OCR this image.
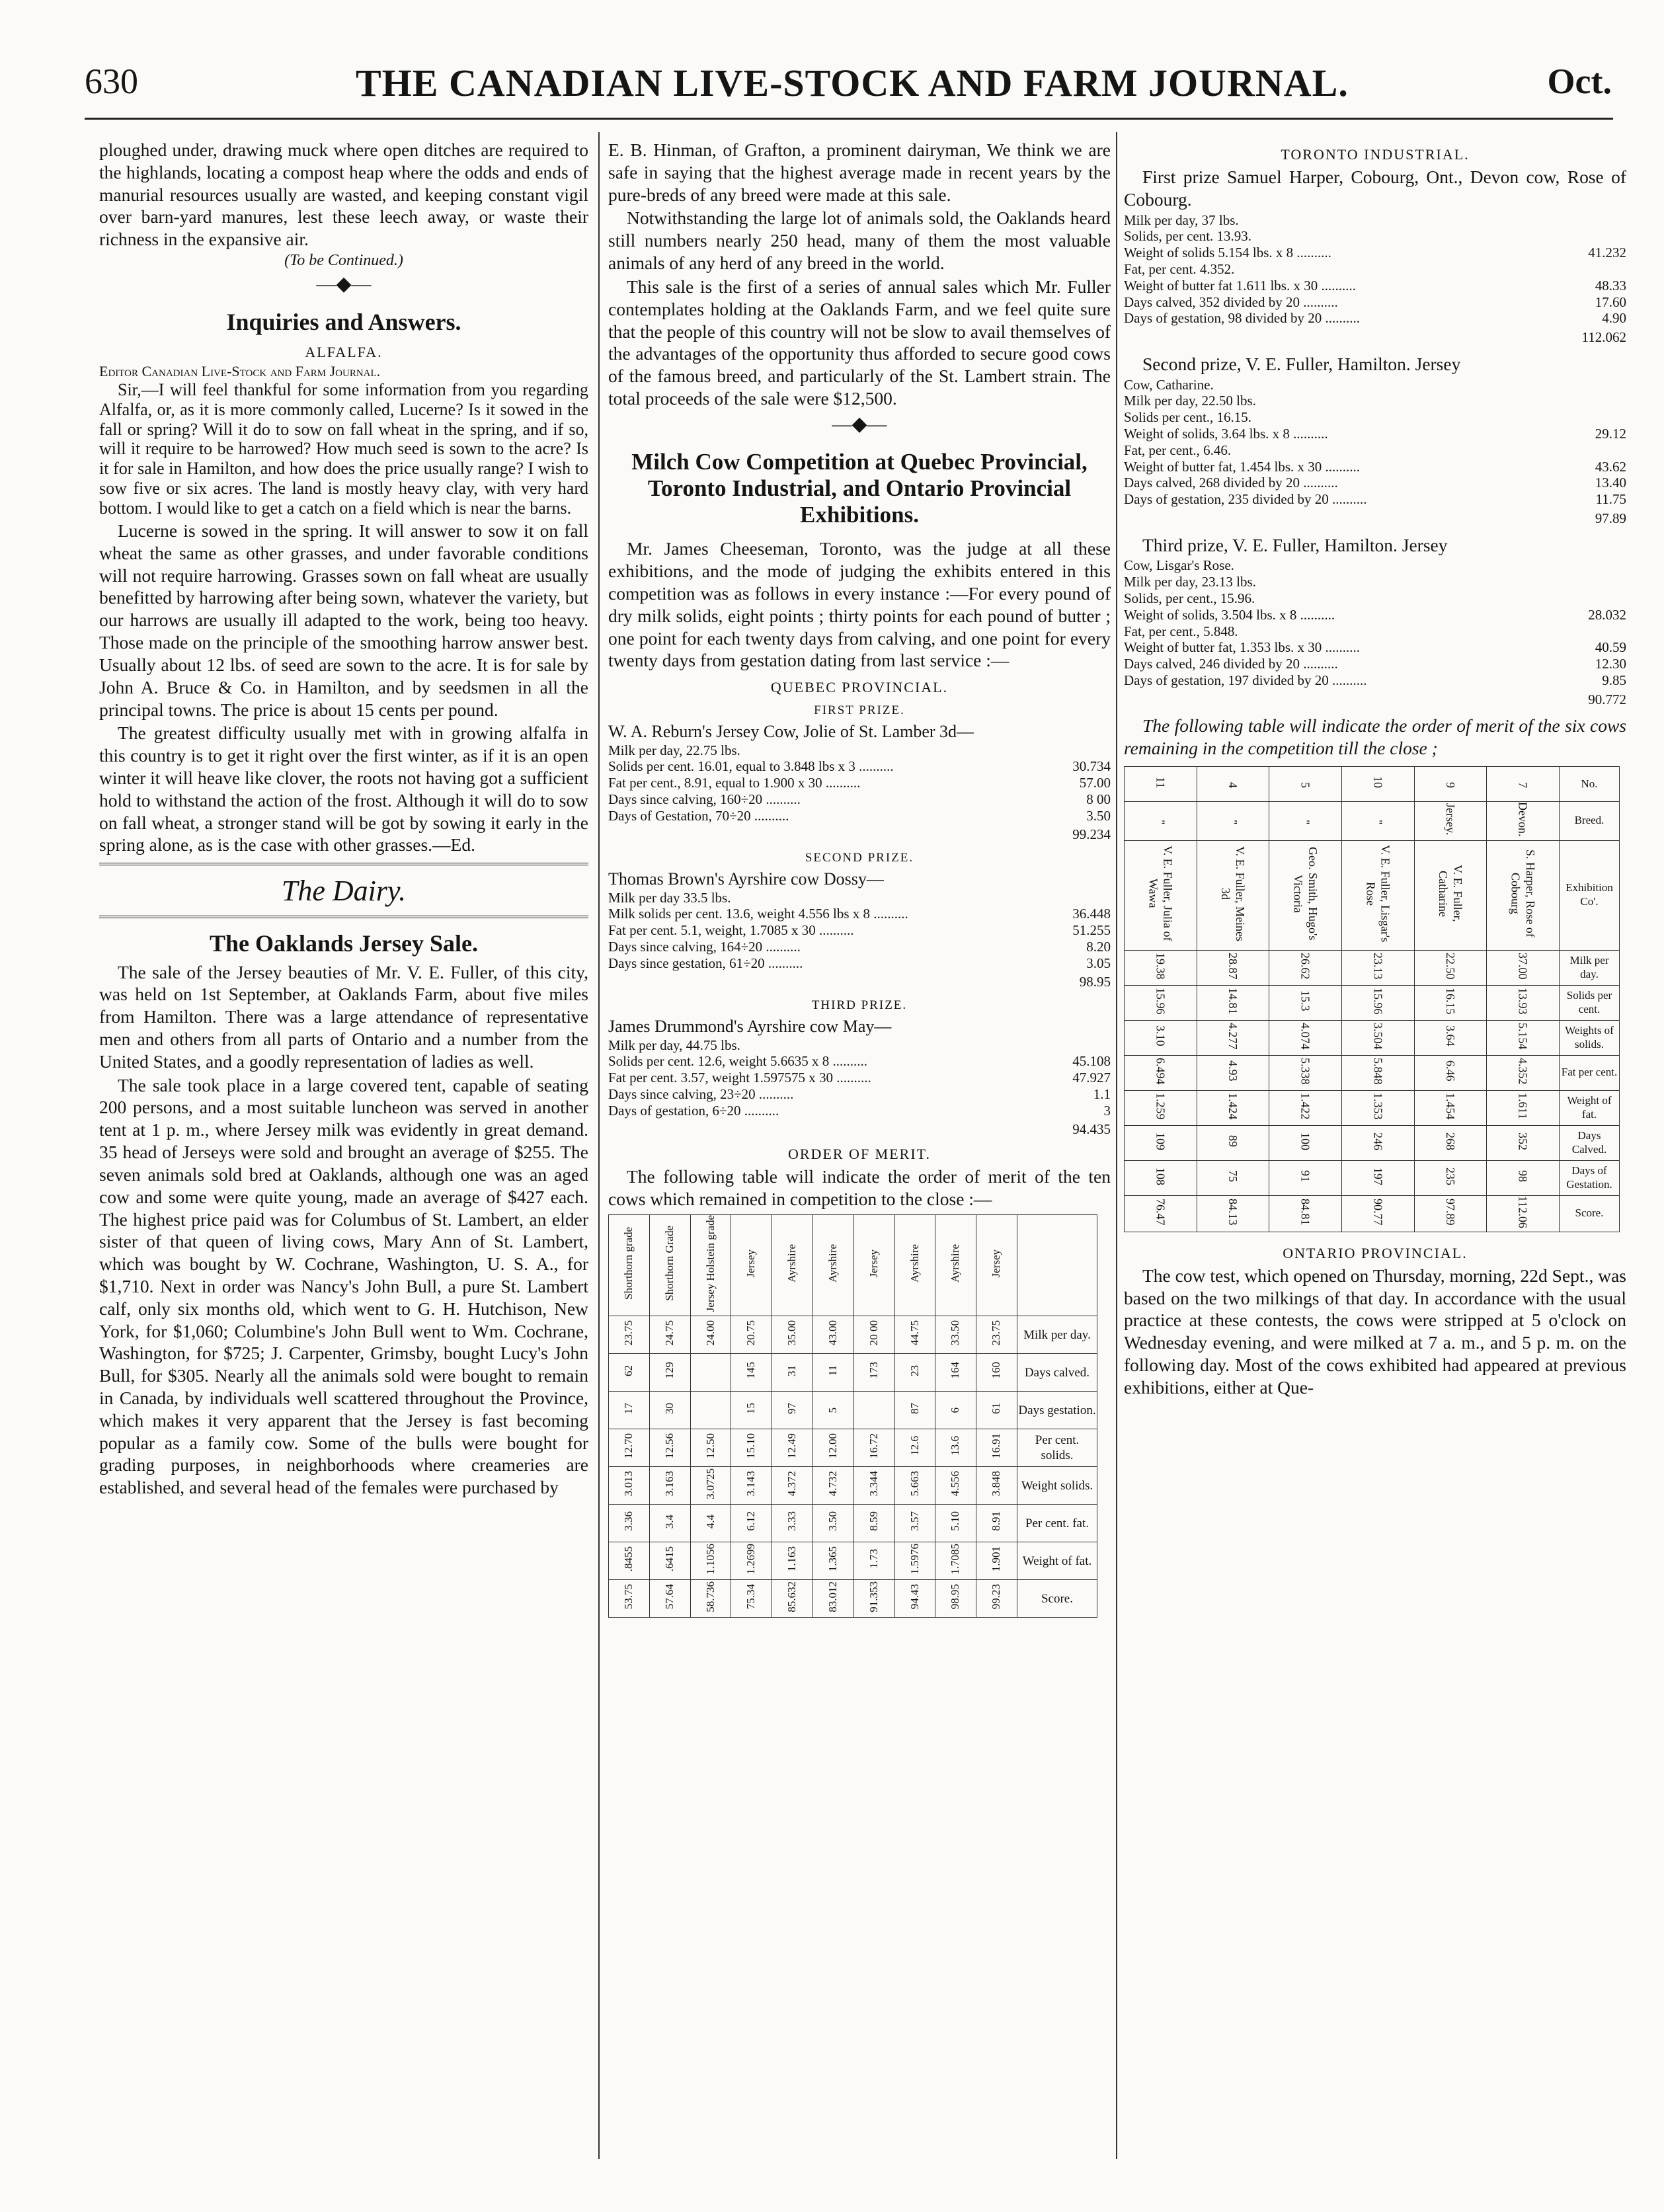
630	THE CANADIAN LIVE-STOCK AND FARM JOURNAL.	Oct.

ploughed under, drawing muck where open ditches are required to the highlands, locating a compost heap where the odds and ends of manurial resources usually are wasted, and keeping constant vigil over barn-yard manures, lest these leech away, or waste their richness in the expansive air.

(To be Continued.)
—◆—
Inquiries and Answers.
ALFALFA.
Editor Canadian Live-Stock and Farm Journal.

Sir,—I will feel thankful for some information from you regarding Alfalfa, or, as it is more commonly called, Lucerne? Is it sowed in the fall or spring? Will it do to sow on fall wheat in the spring, and if so, will it require to be harrowed? How much seed is sown to the acre? Is it for sale in Hamilton, and how does the price usually range? I wish to sow five or six acres. The land is mostly heavy clay, with very hard bottom. I would like to get a catch on a field which is near the barns.

Lucerne is sowed in the spring. It will answer to sow it on fall wheat the same as other grasses, and under favorable conditions will not require harrowing. Grasses sown on fall wheat are usually benefitted by harrowing after being sown, whatever the variety, but our harrows are usually ill adapted to the work, being too heavy. Those made on the principle of the smoothing harrow answer best. Usually about 12 lbs. of seed are sown to the acre. It is for sale by John A. Bruce & Co. in Hamilton, and by seedsmen in all the principal towns. The price is about 15 cents per pound.

The greatest difficulty usually met with in growing alfalfa in this country is to get it right over the first winter, as if it is an open winter it will heave like clover, the roots not having got a sufficient hold to withstand the action of the frost. Although it will do to sow on fall wheat, a stronger stand will be got by sowing it early in the spring alone, as is the case with other grasses.—Ed.

The Dairy.
The Oaklands Jersey Sale.

The sale of the Jersey beauties of Mr. V. E. Fuller, of this city, was held on 1st September, at Oaklands Farm, about five miles from Hamilton. There was a large attendance of representative men and others from all parts of Ontario and a number from the United States, and a goodly representation of ladies as well.

The sale took place in a large covered tent, capable of seating 200 persons, and a most suitable luncheon was served in another tent at 1 p. m., where Jersey milk was evidently in great demand. 35 head of Jerseys were sold and brought an average of $255. The seven animals sold bred at Oaklands, although one was an aged cow and some were quite young, made an average of $427 each. The highest price paid was for Columbus of St. Lambert, an elder sister of that queen of living cows, Mary Ann of St. Lambert, which was bought by W. Cochrane, Washington, U. S. A., for $1,710. Next in order was Nancy's John Bull, a pure St. Lambert calf, only six months old, which went to G. H. Hutchison, New York, for $1,060; Columbine's John Bull went to Wm. Cochrane, Washington, for $725; J. Carpenter, Grimsby, bought Lucy's John Bull, for $305. Nearly all the animals sold were bought to remain in Canada, by individuals well scattered throughout the Province, which makes it very apparent that the Jersey is fast becoming popular as a family cow. Some of the bulls were bought for grading purposes, in neighborhoods where creameries are established, and several head of the females were purchased by

E. B. Hinman, of Grafton, a prominent dairyman, We think we are safe in saying that the highest average made in recent years by the pure-breds of any breed were made at this sale.

Notwithstanding the large lot of animals sold, the Oaklands heard still numbers nearly 250 head, many of them the most valuable animals of any herd of any breed in the world.

This sale is the first of a series of annual sales which Mr. Fuller contemplates holding at the Oaklands Farm, and we feel quite sure that the people of this country will not be slow to avail themselves of the advantages of the opportunity thus afforded to secure good cows of the famous breed, and particularly of the St. Lambert strain. The total proceeds of the sale were $12,500.

—◆—
Milch Cow Competition at Quebec Provincial, Toronto Industrial, and Ontario Provincial Exhibitions.

Mr. James Cheeseman, Toronto, was the judge at all these exhibitions, and the mode of judging the exhibits entered in this competition was as follows in every instance :—For every pound of dry milk solids, eight points ; thirty points for each pound of butter ; one point for each twenty days from calving, and one point for every twenty days from gestation dating from last service :—

QUEBEC PROVINCIAL.
FIRST PRIZE.
W. A. Reburn's Jersey Cow, Jolie of St. Lamber 3d—
Milk per day, 22.75 lbs.
Solids per cent. 16.01, equal to 3.848 lbs x 3 ..........	30.734
Fat per cent., 8.91, equal to 1.900 x 30 ..........	57.00
Days since calving, 160÷20 ..........	8 00
Days of Gestation, 70÷20 ..........	3.50
99.234
SECOND PRIZE.
Thomas Brown's Ayrshire cow Dossy—
Milk per day 33.5 lbs.
Milk solids per cent. 13.6, weight 4.556 lbs x 8 ..........	36.448
Fat per cent. 5.1, weight, 1.7085 x 30 ..........	51.255
Days since calving, 164÷20 ..........	8.20
Days since gestation, 61÷20 ..........	3.05
98.95
THIRD PRIZE.
James Drummond's Ayrshire cow May—
Milk per day, 44.75 lbs.
Solids per cent. 12.6, weight 5.6635 x 8 ..........	45.108
Fat per cent. 3.57, weight 1.597575 x 30 ..........	47.927
Days since calving, 23÷20 ..........	1.1
Days of gestation, 6÷20 ..........	3
94.435
ORDER OF MERIT.

The following table will indicate the order of merit of the ten cows which remained in competition to the close :—

Shorthorn grade	Shorthorn Grade	Jersey Holstein grade	Jersey	Ayrshire	Ayrshire	Jersey	Ayrshire	Ayrshire	Jersey	
23.75	24.75	24.00	20.75	35.00	43.00	20 00	44.75	33.50	23.75	Milk per day.
62	129		145	31	11	173	23	164	160	Days calved.
17	30		15	97	5		87	6	61	Days gestation.
12.70	12.56	12.50	15.10	12.49	12.00	16.72	12.6	13.6	16.91	Per cent. solids.
3.013	3.163	3.0725	3.143	4.372	4.732	3.344	5.663	4.556	3.848	Weight solids.
3.36	3.4	4.4	6.12	3.33	3.50	8.59	3.57	5.10	8.91	Per cent. fat.
.8455	.6415	1.1056	1.2699	1.163	1.365	1.73	1.5976	1.7085	1.901	Weight of fat.
53.75	57.64	58.736	75.34	85.632	83.012	91.353	94.43	98.95	99.23	Score.
TORONTO INDUSTRIAL.

First prize Samuel Harper, Cobourg, Ont., Devon cow, Rose of Cobourg.

Milk per day, 37 lbs.
Solids, per cent. 13.93.
Weight of solids 5.154 lbs. x 8 ..........	41.232
Fat, per cent. 4.352.
Weight of butter fat 1.611 lbs. x 30 ..........	48.33
Days calved, 352 divided by 20 ..........	17.60
Days of gestation, 98 divided by 20 ..........	4.90
112.062

Second prize, V. E. Fuller, Hamilton. Jersey

Cow, Catharine.
Milk per day, 22.50 lbs.
Solids per cent., 16.15.
Weight of solids, 3.64 lbs. x 8 ..........	29.12
Fat, per cent., 6.46.
Weight of butter fat, 1.454 lbs. x 30 ..........	43.62
Days calved, 268 divided by 20 ..........	13.40
Days of gestation, 235 divided by 20 ..........	11.75
97.89

Third prize, V. E. Fuller, Hamilton. Jersey

Cow, Lisgar's Rose.
Milk per day, 23.13 lbs.
Solids, per cent., 15.96.
Weight of solids, 3.504 lbs. x 8 ..........	28.032
Fat, per cent., 5.848.
Weight of butter fat, 1.353 lbs. x 30 ..........	40.59
Days calved, 246 divided by 20 ..........	12.30
Days of gestation, 197 divided by 20 ..........	9.85
90.772

The following table will indicate the order of merit of the six cows remaining in the competition till the close ;

11	4	5	10	9	7	No.
"	"	"	"	Jersey.	Devon.	Breed.
V. E. Fuller, Julia of Wawa	V. E. Fuller, Meines 3d	Geo. Smith, Hugo's Victoria	V. E. Fuller, Lisgar's Rose	V. E. Fuller, Catharine	S. Harper, Rose of Cobourg	Exhibition Co'.
19.38	28.87	26.62	23.13	22.50	37.00	Milk per day.
15.96	14.81	15.3	15.96	16.15	13.93	Solids per cent.
3.10	4.277	4.074	3.504	3.64	5.154	Weights of solids.
6.494	4.93	5.338	5.848	6.46	4.352	Fat per cent.
1.259	1.424	1.422	1.353	1.454	1.611	Weight of fat.
109	89	100	246	268	352	Days Calved.
108	75	91	197	235	98	Days of Gestation.
76.47	84.13	84.81	90.77	97.89	112.06	Score.
ONTARIO PROVINCIAL.

The cow test, which opened on Thursday, morning, 22d Sept., was based on the two milkings of that day. In accordance with the usual practice at these contests, the cows were stripped at 5 o'clock on Wednesday evening, and were milked at 7 a. m., and 5 p. m. on the following day. Most of the cows exhibited had appeared at previous exhibitions, either at Que-
